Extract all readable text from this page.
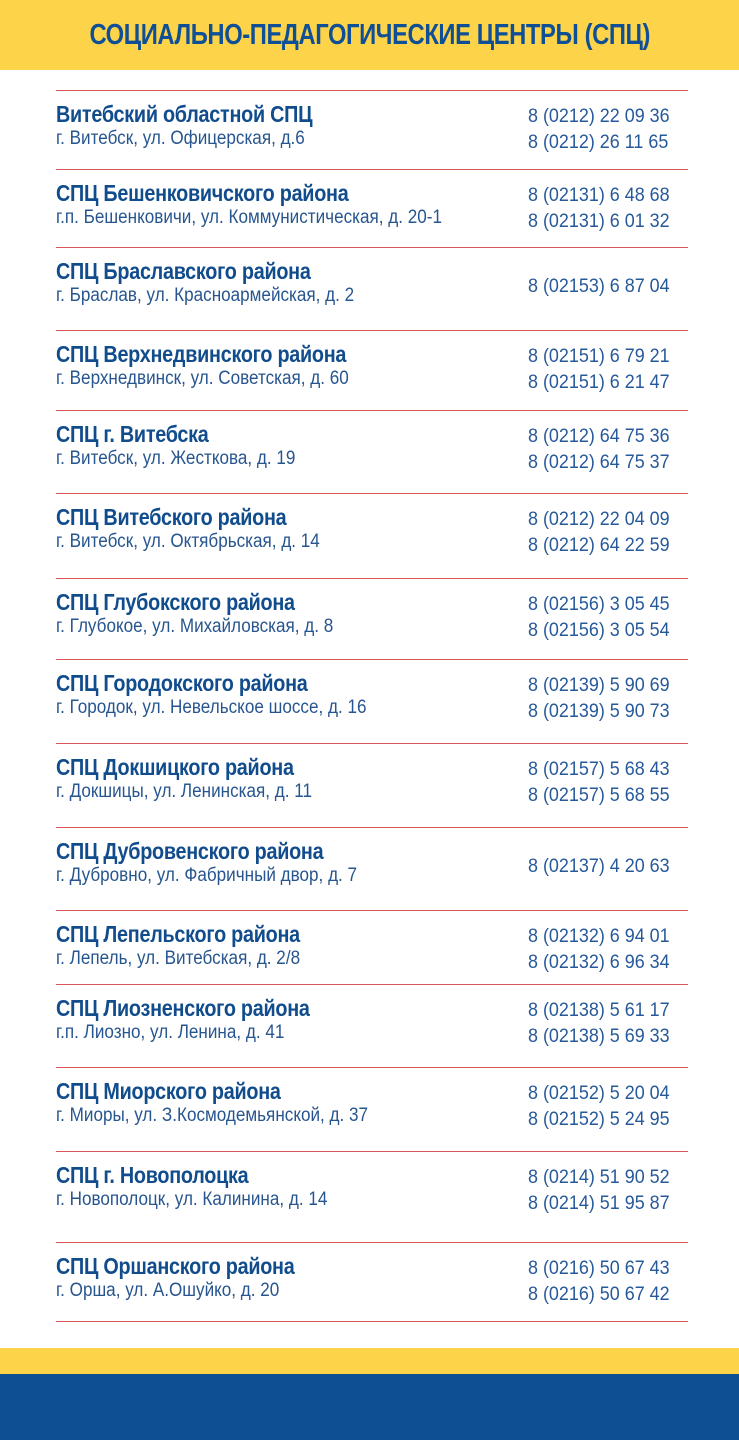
СОЦИАЛЬНО-ПЕДАГОГИЧЕСКИЕ ЦЕНТРЫ (СПЦ)
Витебский областной СПЦ
г. Витебск, ул. Офицерская, д.6
8 (0212) 22 09 36
8 (0212) 26 11 65
СПЦ Бешенковичского района
г.п. Бешенковичи, ул. Коммунистическая, д. 20-1
8 (02131) 6 48 68
8 (02131) 6 01 32
СПЦ Браславского района
г. Браслав, ул. Красноармейская, д. 2	8 (02153) 6 87 04
СПЦ Верхнедвинского района
г. Верхнедвинск, ул. Советская, д. 60
8 (02151) 6 79 21
8 (02151) 6 21 47
СПЦ г. Витебска
г. Витебск, ул. Жесткова, д. 19
8 (0212) 64 75 36
8 (0212) 64 75 37
СПЦ Витебского района
г. Витебск, ул. Октябрьская, д. 14
8 (0212) 22 04 09
8 (0212) 64 22 59
СПЦ Глубокского района
г. Глубокое, ул. Михайловская, д. 8
8 (02156) 3 05 45
8 (02156) 3 05 54
СПЦ Городокского района
г. Городок, ул. Невельское шоссе, д. 16
8 (02139) 5 90 69
8 (02139) 5 90 73
СПЦ Докшицкого района
г. Докшицы, ул. Ленинская, д. 11
8 (02157) 5 68 43
8 (02157) 5 68 55
СПЦ Дубровенского района
г. Дубровно, ул. Фабричный двор, д. 7	8 (02137) 4 20 63
СПЦ Лепельского района
г. Лепель, ул. Витебская, д. 2/8
8 (02132) 6 94 01
8 (02132) 6 96 34
СПЦ Лиозненского района
г.п. Лиозно, ул. Ленина, д. 41
8 (02138) 5 61 17
8 (02138) 5 69 33
СПЦ Миорского района
г. Миоры, ул. З.Космодемьянской, д. 37
8 (02152) 5 20 04
8 (02152) 5 24 95
СПЦ г. Новополоцка
г. Новополоцк, ул. Калинина, д. 14
8 (0214) 51 90 52
8 (0214) 51 95 87
СПЦ Оршанского района
г. Орша, ул. А.Ошуйко, д. 20
8 (0216) 50 67 43
8 (0216) 50 67 42
